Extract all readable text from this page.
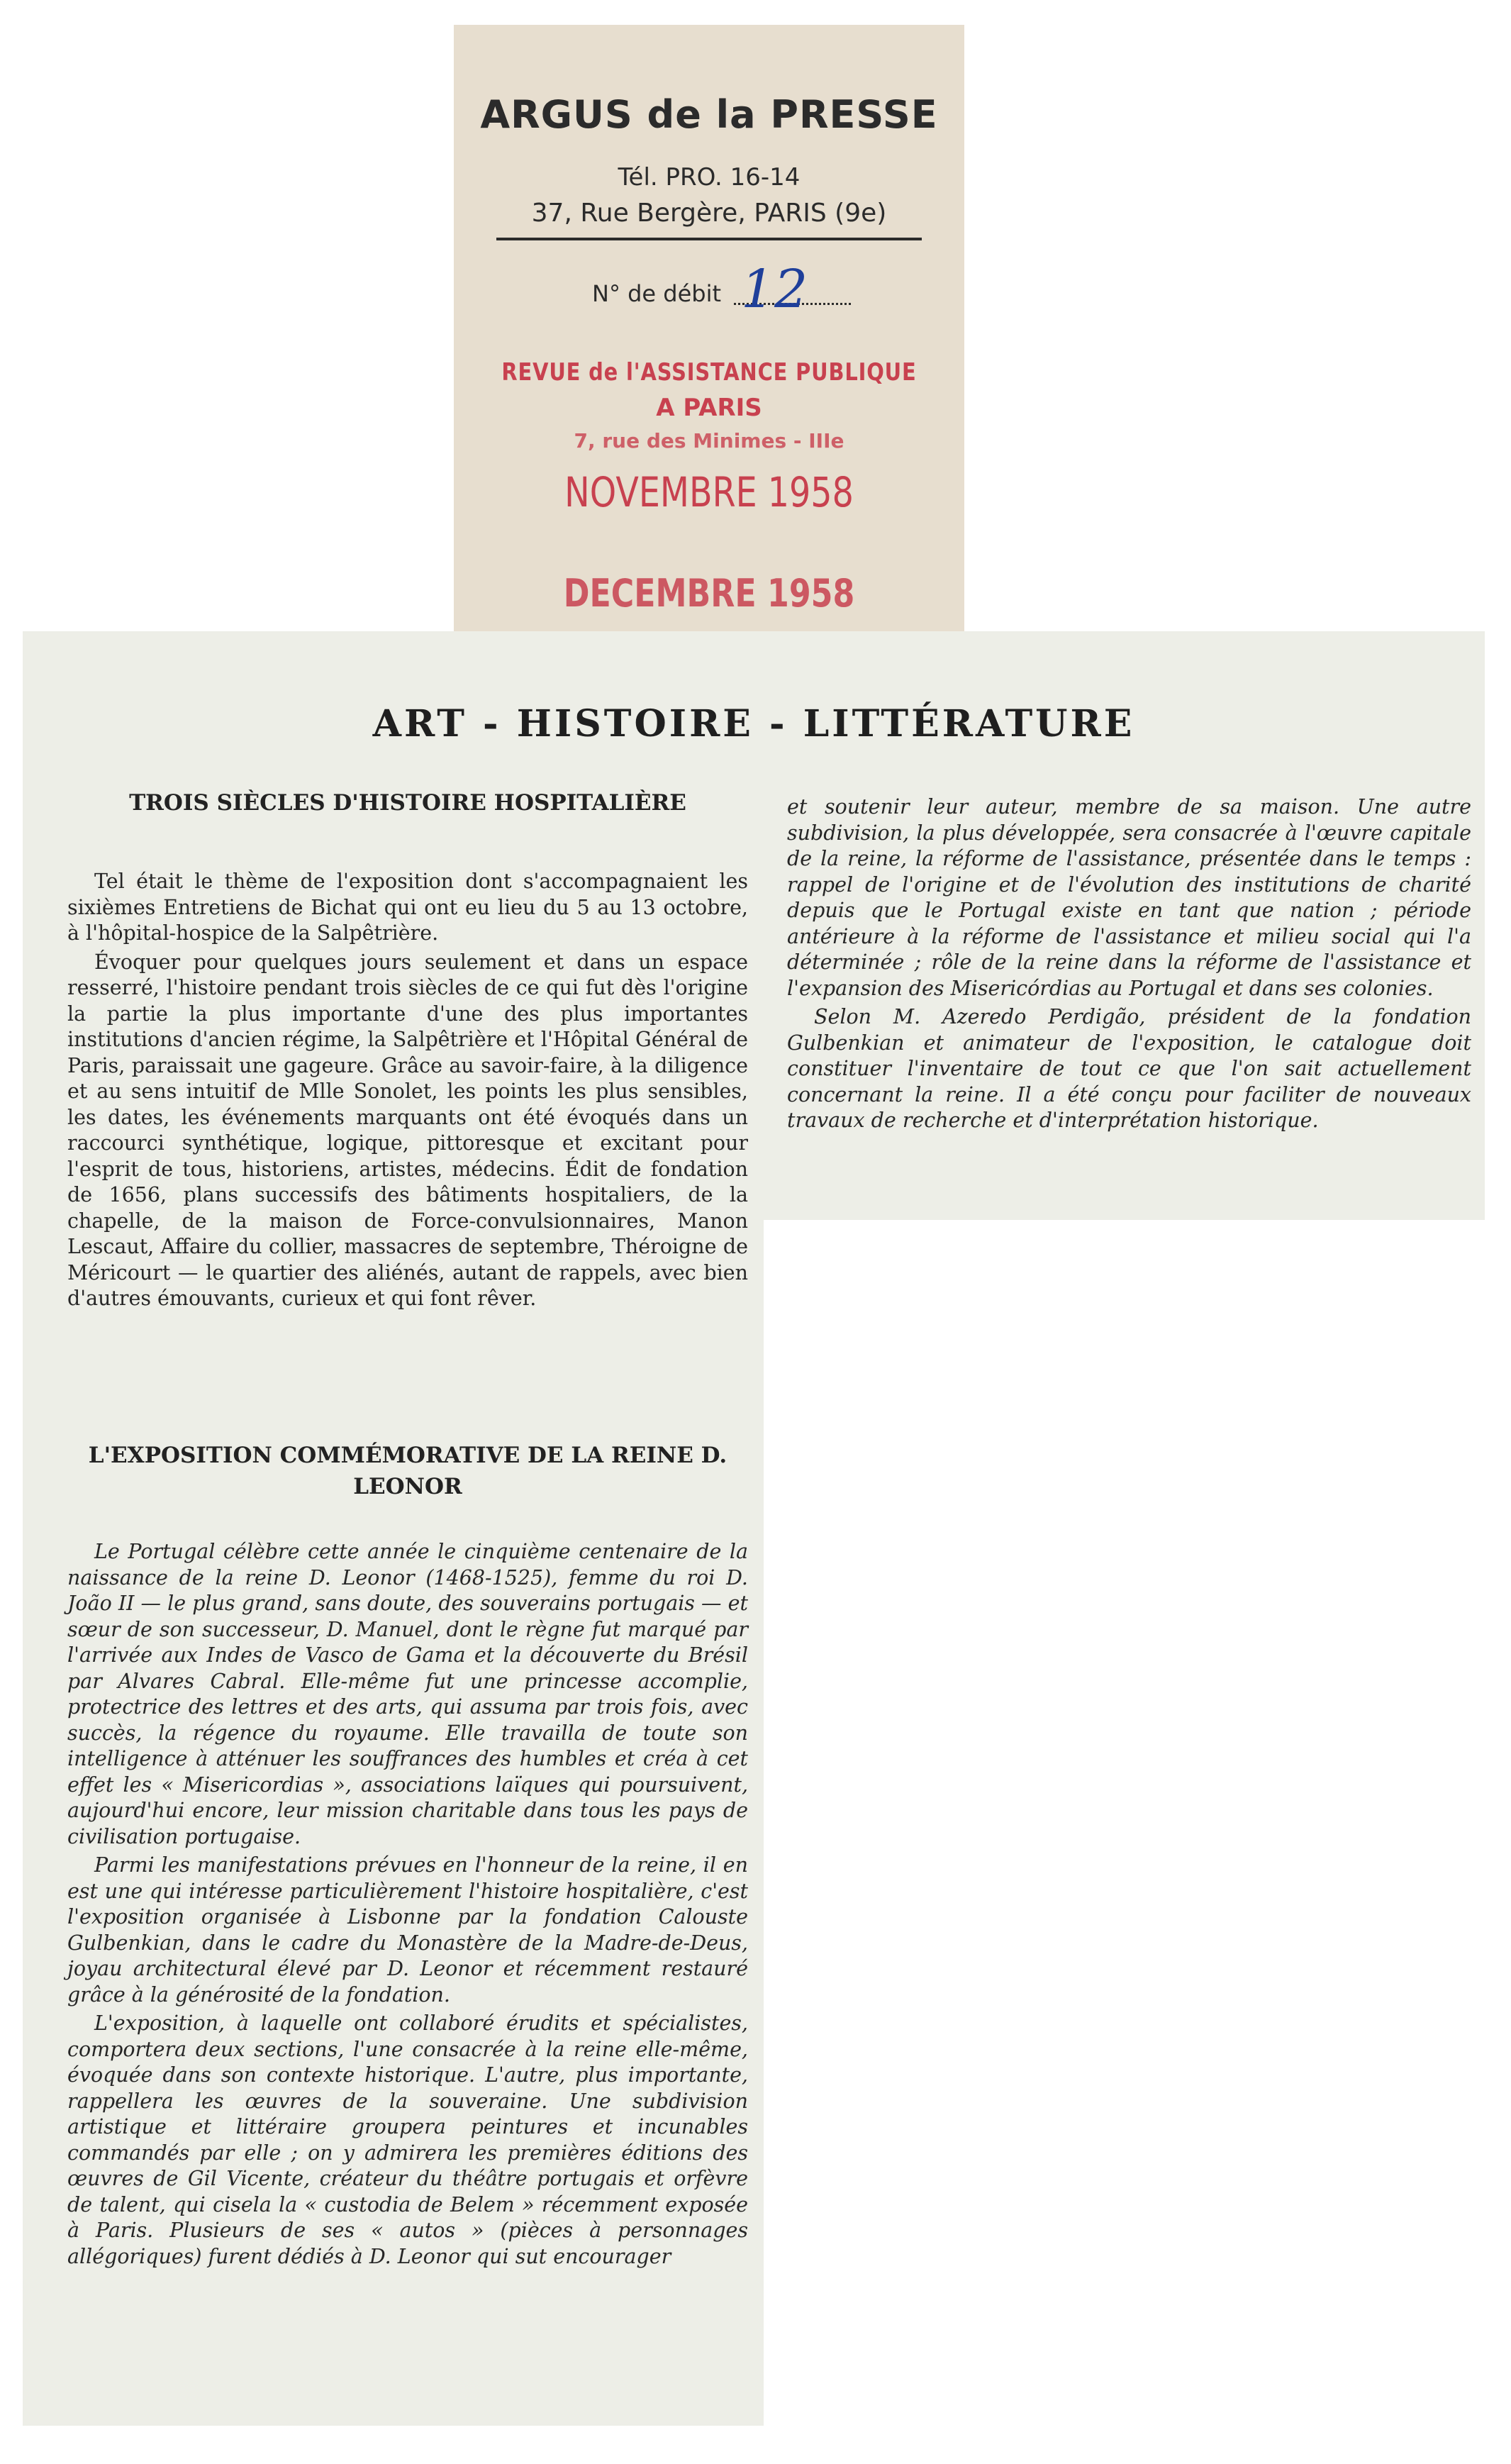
ARGUS de la PRESSE
Tél. PRO. 16-14
37, Rue Bergère, PARIS (9e)
N° de débit 12
REVUE de l'ASSISTANCE PUBLIQUE
A PARIS
7, rue des Minimes - IIIe
NOVEMBRE 1958
DECEMBRE 1958
ART - HISTOIRE - LITTÉRATURE
TROIS SIÈCLES D'HISTOIRE HOSPITALIÈRE

Tel était le thème de l'exposition dont s'accompagnaient les sixièmes Entretiens de Bichat qui ont eu lieu du 5 au 13 octobre, à l'hôpital-hospice de la Salpêtrière.

Évoquer pour quelques jours seulement et dans un espace resserré, l'histoire pendant trois siècles de ce qui fut dès l'origine la partie la plus importante d'une des plus importantes institutions d'ancien régime, la Salpêtrière et l'Hôpital Général de Paris, paraissait une gageure. Grâce au savoir-faire, à la diligence et au sens intuitif de Mlle Sonolet, les points les plus sensibles, les dates, les événements marquants ont été évoqués dans un raccourci synthétique, logique, pittoresque et excitant pour l'esprit de tous, historiens, artistes, médecins. Édit de fondation de 1656, plans successifs des bâtiments hospitaliers, de la chapelle, de la maison de Force-convulsionnaires, Manon Lescaut, Affaire du collier, massacres de septembre, Théroigne de Méricourt — le quartier des aliénés, autant de rappels, avec bien d'autres émouvants, curieux et qui font rêver.

L'EXPOSITION COMMÉMORATIVE DE LA REINE D. LEONOR

Le Portugal célèbre cette année le cinquième centenaire de la naissance de la reine D. Leonor (1468-1525), femme du roi D. João II — le plus grand, sans doute, des souverains portugais — et sœur de son successeur, D. Manuel, dont le règne fut marqué par l'arrivée aux Indes de Vasco de Gama et la découverte du Brésil par Alvares Cabral. Elle-même fut une princesse accomplie, protectrice des lettres et des arts, qui assuma par trois fois, avec succès, la régence du royaume. Elle travailla de toute son intelligence à atténuer les souffrances des humbles et créa à cet effet les « Misericordias », associations laïques qui poursuivent, aujourd'hui encore, leur mission charitable dans tous les pays de civilisation portugaise.

Parmi les manifestations prévues en l'honneur de la reine, il en est une qui intéresse particulièrement l'histoire hospitalière, c'est l'exposition organisée à Lisbonne par la fondation Calouste Gulbenkian, dans le cadre du Monastère de la Madre-de-Deus, joyau architectural élevé par D. Leonor et récemment restauré grâce à la générosité de la fondation.

L'exposition, à laquelle ont collaboré érudits et spécialistes, comportera deux sections, l'une consacrée à la reine elle-même, évoquée dans son contexte historique. L'autre, plus importante, rappellera les œuvres de la souveraine. Une subdivision artistique et littéraire groupera peintures et incunables commandés par elle ; on y admirera les premières éditions des œuvres de Gil Vicente, créateur du théâtre portugais et orfèvre de talent, qui cisela la « custodia de Belem » récemment exposée à Paris. Plusieurs de ses « autos » (pièces à personnages allégoriques) furent dédiés à D. Leonor qui sut encourager

et soutenir leur auteur, membre de sa maison. Une autre subdivision, la plus développée, sera consacrée à l'œuvre capitale de la reine, la réforme de l'assistance, présentée dans le temps : rappel de l'origine et de l'évolution des institutions de charité depuis que le Portugal existe en tant que nation ; période antérieure à la réforme de l'assistance et milieu social qui l'a déterminée ; rôle de la reine dans la réforme de l'assistance et l'expansion des Misericórdias au Portugal et dans ses colonies.

Selon M. Azeredo Perdigão, président de la fondation Gulbenkian et animateur de l'exposition, le catalogue doit constituer l'inventaire de tout ce que l'on sait actuellement concernant la reine. Il a été conçu pour faciliter de nouveaux travaux de recherche et d'interprétation historique.
